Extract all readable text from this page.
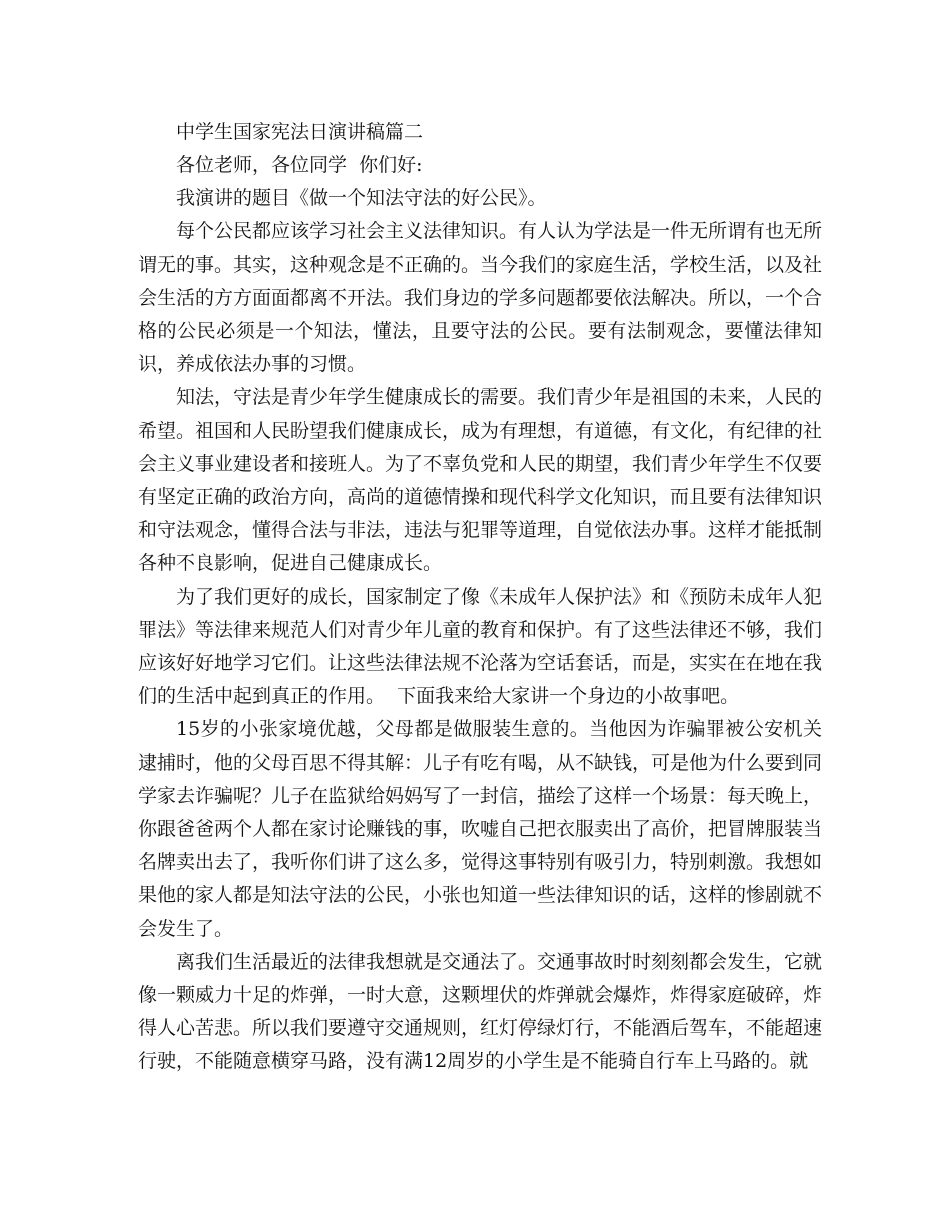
中学生国家宪法日演讲稿篇二

各位老师，各位同学  你们好:

我演讲的题目《做一个知法守法的好公民》。

每个公民都应该学习社会主义法律知识。有人认为学法是一件无所谓有也无所谓无的事。其实，这种观念是不正确的。当今我们的家庭生活，学校生活，以及社会生活的方方面面都离不开法。我们身边的学多问题都要依法解决。所以，一个合格的公民必须是一个知法，懂法，且要守法的公民。要有法制观念，要懂法律知识，养成依法办事的习惯。

知法，守法是青少年学生健康成长的需要。我们青少年是祖国的未来，人民的希望。祖国和人民盼望我们健康成长，成为有理想，有道德，有文化，有纪律的社会主义事业建设者和接班人。为了不辜负党和人民的期望，我们青少年学生不仅要有坚定正确的政治方向，高尚的道德情操和现代科学文化知识，而且要有法律知识和守法观念，懂得合法与非法，违法与犯罪等道理，自觉依法办事。这样才能抵制各种不良影响，促进自己健康成长。

为了我们更好的成长，国家制定了像《未成年人保护法》和《预防未成年人犯罪法》等法律来规范人们对青少年儿童的教育和保护。有了这些法律还不够，我们应该好好地学习它们。让这些法律法规不沦落为空话套话，而是，实实在在地在我们的生活中起到真正的作用。  下面我来给大家讲一个身边的小故事吧。

15岁的小张家境优越，父母都是做服装生意的。当他因为诈骗罪被公安机关逮捕时，他的父母百思不得其解：儿子有吃有喝，从不缺钱，可是他为什么要到同学家去诈骗呢？儿子在监狱给妈妈写了一封信，描绘了这样一个场景：每天晚上，你跟爸爸两个人都在家讨论赚钱的事，吹嘘自己把衣服卖出了高价，把冒牌服装当名牌卖出去了，我听你们讲了这么多，觉得这事特别有吸引力，特别刺激。我想如果他的家人都是知法守法的公民，小张也知道一些法律知识的话，这样的惨剧就不会发生了。

离我们生活最近的法律我想就是交通法了。交通事故时时刻刻都会发生，它就像一颗威力十足的炸弹，一时大意，这颗埋伏的炸弹就会爆炸，炸得家庭破碎，炸得人心苦悲。所以我们要遵守交通规则，红灯停绿灯行，不能酒后驾车，不能超速行驶，不能随意横穿马路，没有满12周岁的小学生是不能骑自行车上马路的。就
